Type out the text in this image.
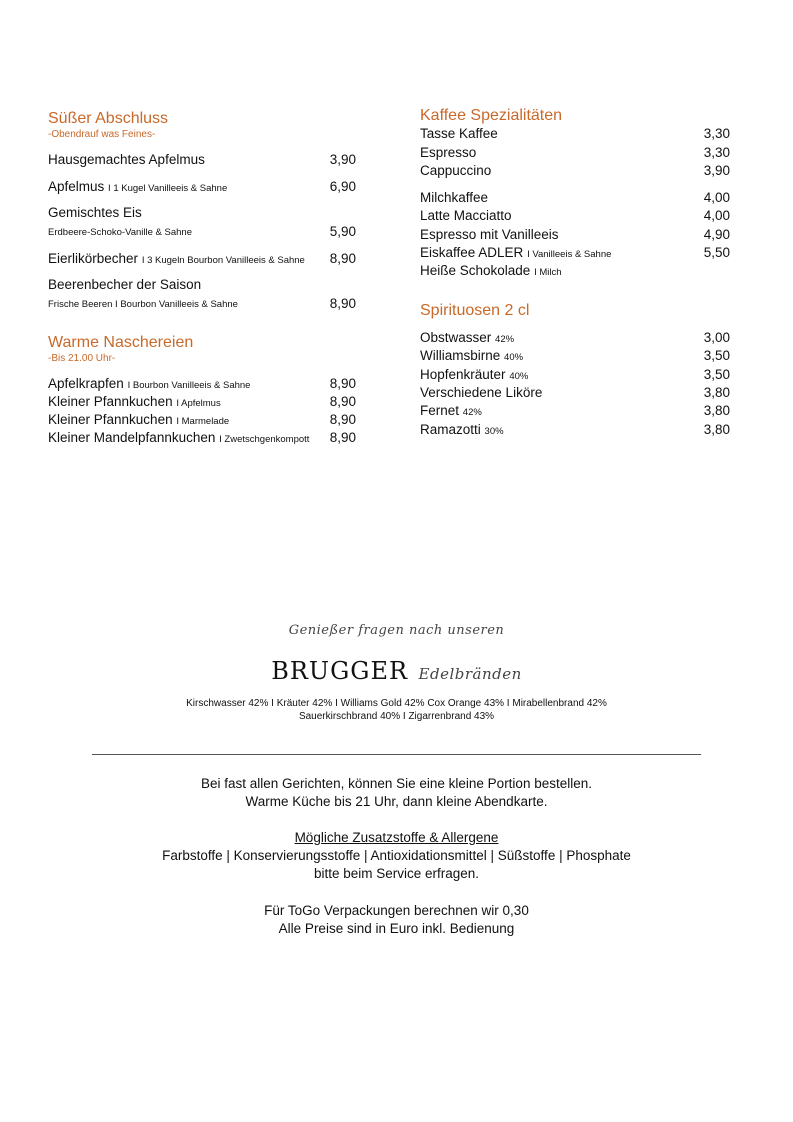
Süßer Abschluss
-Obendrauf was Feines-
Hausgemachtes Apfelmus	3,90
Apfelmus I 1 Kugel Vanilleeis & Sahne	6,90
Gemischtes Eis
Erdbeere-Schoko-Vanille & Sahne	5,90
Eierlikörbecher I 3 Kugeln Bourbon Vanilleeis & Sahne	8,90
Beerenbecher der Saison
Frische Beeren I Bourbon Vanilleeis & Sahne	8,90
Warme Naschereien
-Bis 21.00 Uhr-
Apfelkrapfen I Bourbon Vanilleeis & Sahne	8,90
Kleiner Pfannkuchen I Apfelmus	8,90
Kleiner Pfannkuchen I Marmelade	8,90
Kleiner Mandelpfannkuchen I Zwetschgenkompott	8,90
Kaffee Spezialitäten
Tasse Kaffee	3,30
Espresso	3,30
Cappuccino	3,90
Milchkaffee	4,00
Latte Macciatto	4,00
Espresso mit Vanilleeis	4,90
Eiskaffee ADLER I Vanilleeis & Sahne	5,50
Heiße Schokolade I Milch
Spirituosen 2 cl
Obstwasser 42%	3,00
Williamsbirne 40%	3,50
Hopfenkräuter 40%	3,50
Verschiedene Liköre	3,80
Fernet 42%	3,80
Ramazotti 30%	3,80
Genießer fragen nach unseren
BRUGGER Edelbränden
Kirschwasser 42% I Kräuter 42% I Williams Gold 42% Cox Orange 43% I Mirabellenbrand 42%
Sauerkirschbrand 40% I Zigarrenbrand 43%
Bei fast allen Gerichten, können Sie eine kleine Portion bestellen.
Warme Küche bis 21 Uhr, dann kleine Abendkarte.
Mögliche Zusatzstoffe & Allergene
Farbstoffe | Konservierungsstoffe | Antioxidationsmittel | Süßstoffe | Phosphate
bitte beim Service erfragen.
Für ToGo Verpackungen berechnen wir 0,30
Alle Preise sind in Euro inkl. Bedienung
